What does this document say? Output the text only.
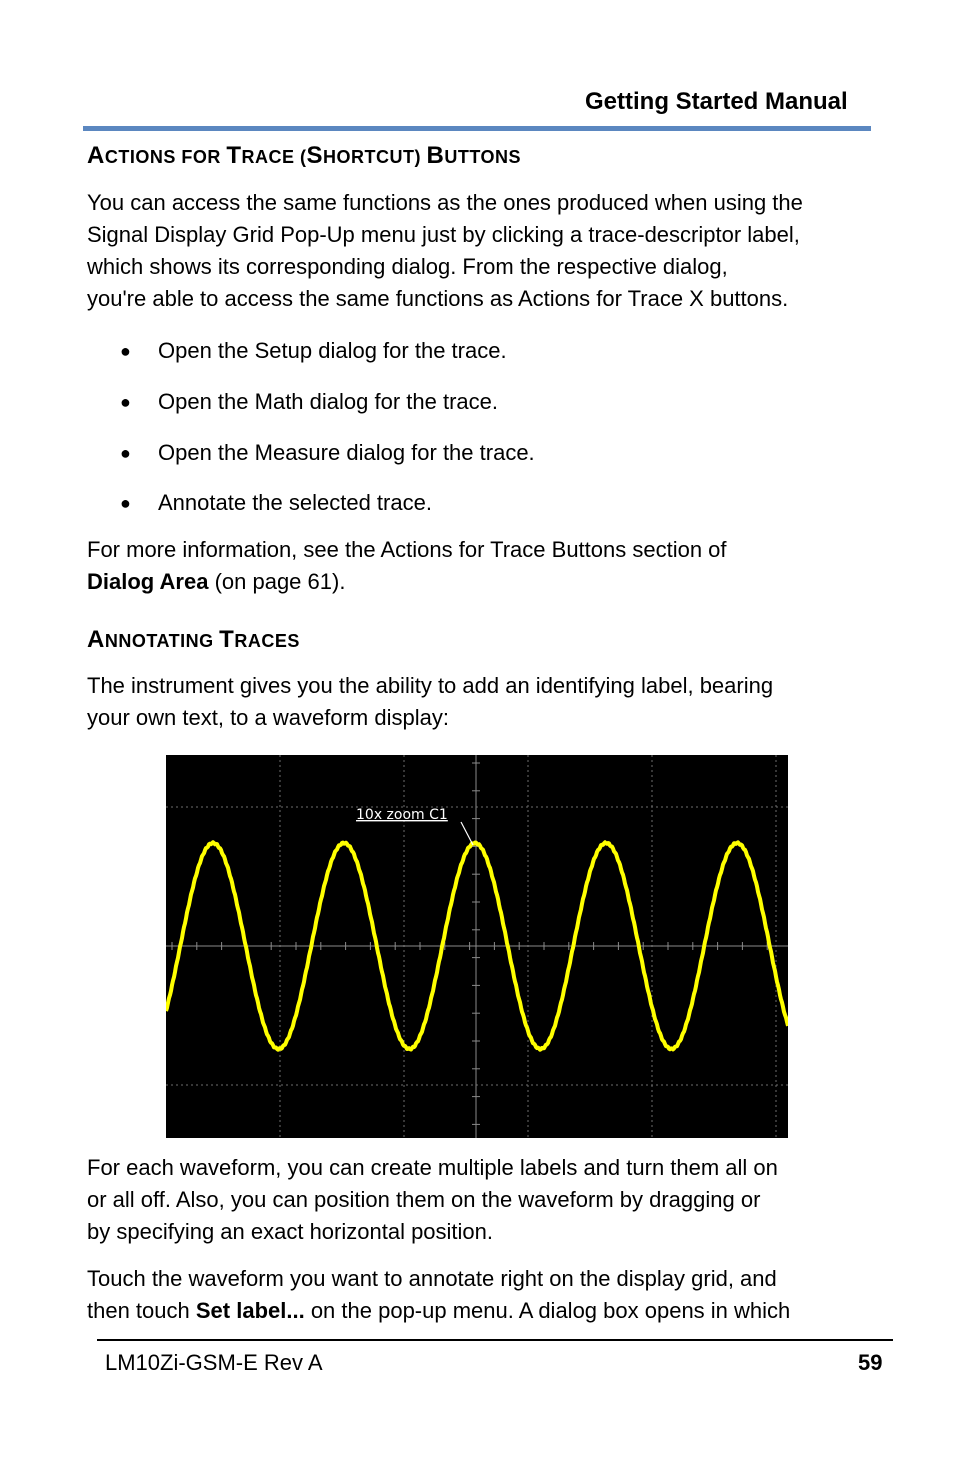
Getting Started Manual
ACTIONS FOR TRACE (SHORTCUT) BUTTONS
You can access the same functions as the ones produced when using the
Signal Display Grid Pop-Up menu just by clicking a trace-descriptor label,
which shows its corresponding dialog. From the respective dialog,
you're able to access the same functions as Actions for Trace X buttons.
● Open the Setup dialog for the trace.
● Open the Math dialog for the trace.
● Open the Measure dialog for the trace.
● Annotate the selected trace.
For more information, see the Actions for Trace Buttons section of
Dialog Area (on page 61).
ANNOTATING TRACES
The instrument gives you the ability to add an identifying label, bearing
your own text, to a waveform display:
10x zoom C1
For each waveform, you can create multiple labels and turn them all on
or all off. Also, you can position them on the waveform by dragging or
by specifying an exact horizontal position.
Touch the waveform you want to annotate right on the display grid, and
then touch Set label... on the pop-up menu. A dialog box opens in which
LM10Zi-GSM-E Rev A	59
